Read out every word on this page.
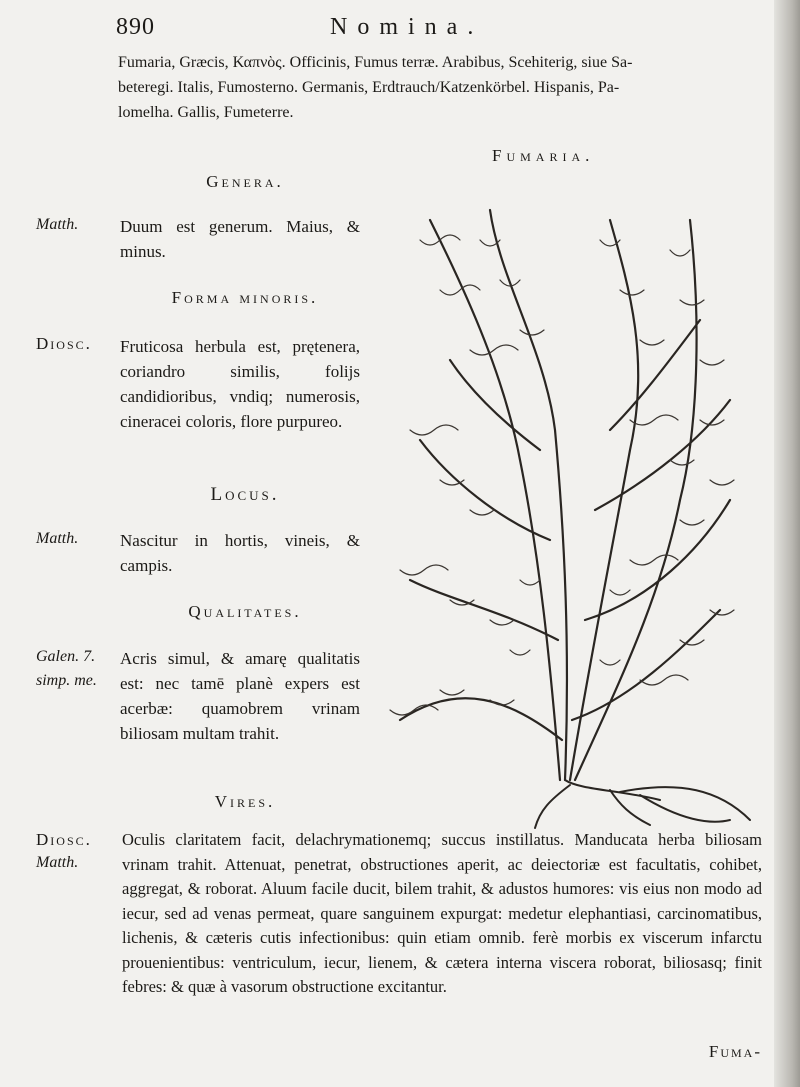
890	Nomina.

Fumaria, Græcis, Καπνὸς. Officinis, Fumus terræ. Arabibus, Scehiterig, siue Sa-

beteregi. Italis, Fumosterno. Germanis, Erdtrauch/Katzenkörbel. Hispanis, Pa-

lomelha. Gallis, Fumeterre.

Genera.
Matth. Duum est generum. Maius, & minus.
Forma minoris.
Diosc. Fruticosa herbula est, prętenera, coriandro similis, folijs candidioribus, vndiq; numerosis, cineracei coloris, flore purpureo.
Locus.
Matth. Nascitur in hortis, vineis, & campis.
Qualitates.
Galen. 7.
simp. me.
Acris simul, & amarę qualitatis est: nec tamē planè expers est acerbæ: quamobrem vrinam biliosam multam trahit.
Vires.
Diosc.
Matth.
Oculis claritatem facit, delachrymationemq; succus instillatus. Manducata herba biliosam vrinam trahit. Attenuat, penetrat, obstructiones aperit, ac deiectoriæ est facultatis, cohibet, aggregat, & roborat. Aluum facile ducit, bilem trahit, & adustos humores: vis eius non modo ad iecur, sed ad venas permeat, quare sanguinem expurgat: medetur elephantiasi, carcinomatibus, lichenis, & cæteris cutis infectionibus: quin etiam omnib. ferè morbis ex viscerum infarctu prouenientibus: ventriculum, iecur, lienem, & cætera interna viscera roborat, biliosasq; finit febres: & quæ à vasorum obstructione excitantur.
Fumaria.
Fuma-
